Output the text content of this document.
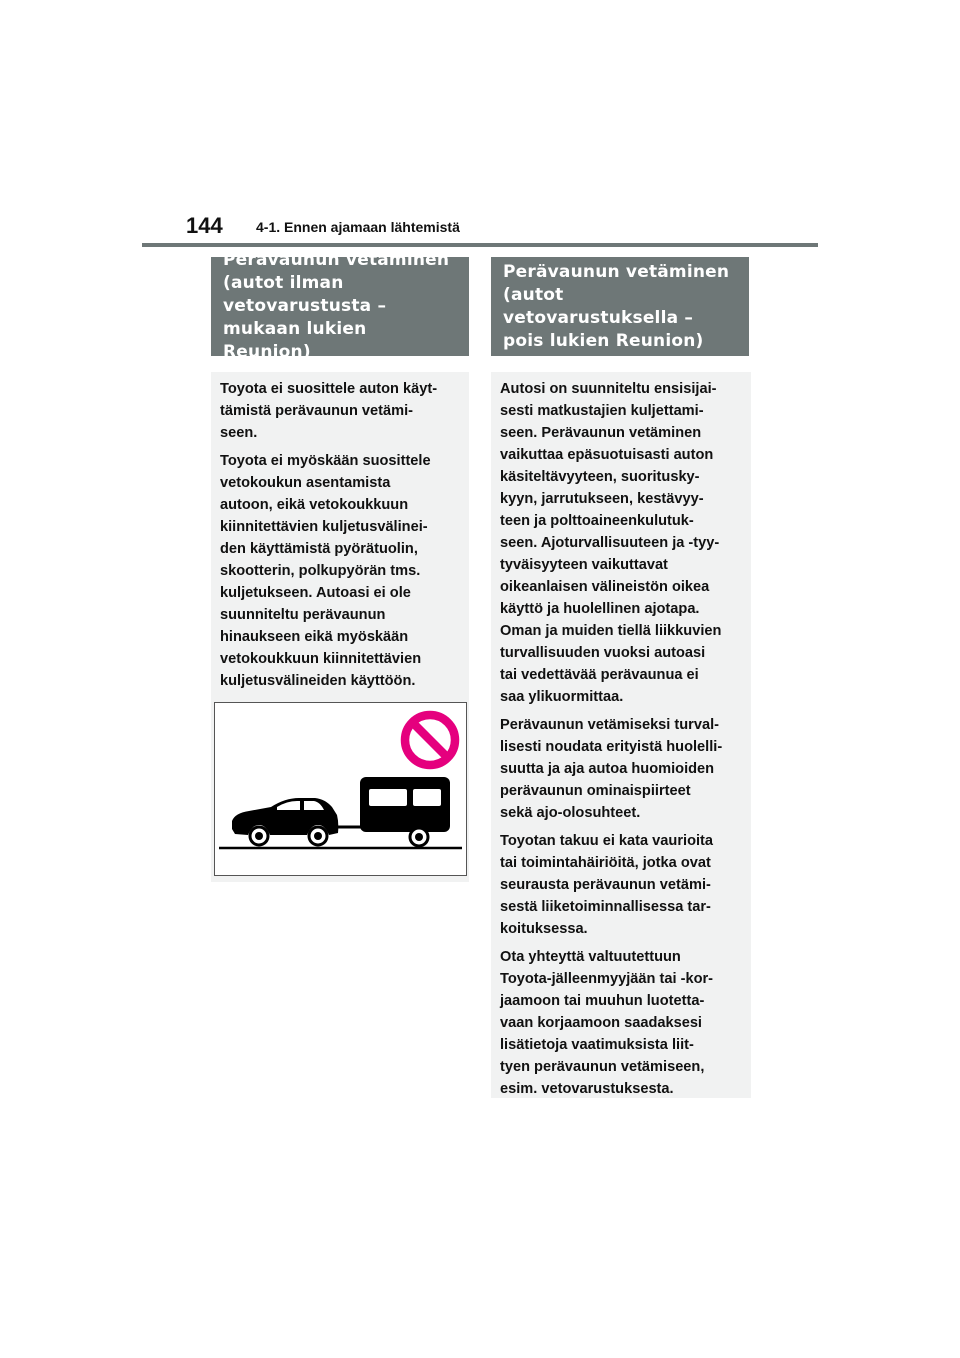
144 4-1. Ennen ajamaan lähtemistä
Perävaunun vetäminen
(autot ilman
vetovarustusta –
mukaan lukien Reunion)

Toyota ei suosittele auton käyt-
tämistä perävaunun vetämi-
seen.

Toyota ei myöskään suosittele
vetokoukun asentamista
autoon, eikä vetokoukkuun
kiinnitettävien kuljetusvälinei-
den käyttämistä pyörätuolin,
skootterin, polkupyörän tms.
kuljetukseen. Autoasi ei ole
suunniteltu perävaunun
hinaukseen eikä myöskään
vetokoukkuun kiinnitettävien
kuljetusvälineiden käyttöön.

Perävaunun vetäminen
(autot
vetovarustuksella –
pois lukien Reunion)

Autosi on suunniteltu ensisijai-
sesti matkustajien kuljettami-
seen. Perävaunun vetäminen
vaikuttaa epäsuotuisasti auton
käsiteltävyyteen, suoritusky-
kyyn, jarrutukseen, kestävyy-
teen ja polttoaineenkulutuk-
seen. Ajoturvallisuuteen ja -tyy-
tyväisyyteen vaikuttavat
oikeanlaisen välineistön oikea
käyttö ja huolellinen ajotapa.
Oman ja muiden tiellä liikkuvien
turvallisuuden vuoksi autoasi
tai vedettävää perävaunua ei
saa ylikuormittaa.

Perävaunun vetämiseksi turval-
lisesti noudata erityistä huolelli-
suutta ja aja autoa huomioiden
perävaunun ominaispiirteet
sekä ajo-olosuhteet.

Toyotan takuu ei kata vaurioita
tai toimintahäiriöitä, jotka ovat
seurausta perävaunun vetämi-
sestä liiketoiminnallisessa tar-
koituksessa.

Ota yhteyttä valtuutettuun
Toyota-jälleenmyyjään tai -kor-
jaamoon tai muuhun luotetta-
vaan korjaamoon saadaksesi
lisätietoja vaatimuksista liit-
tyen perävaunun vetämiseen,
esim. vetovarustuksesta.
